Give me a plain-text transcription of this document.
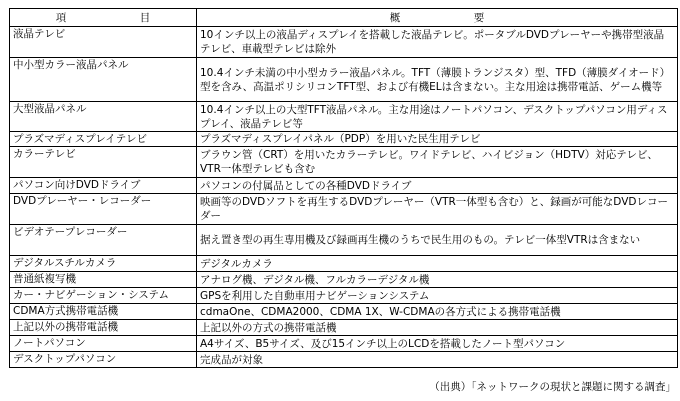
項　目	概　要
液晶テレビ	10インチ以上の液晶ディスプレイを搭載した液晶テレビ。ポータブルDVDプレーヤーや携帯型液晶テレビ、車載型テレビは除外
中小型カラー液晶パネル	10.4インチ未満の中小型カラー液晶パネル。TFT（薄膜トランジスタ）型、TFD（薄膜ダイオード）型を含み、高温ポリシリコンTFT型、および有機ELは含まない。主な用途は携帯電話、ゲーム機等
大型液晶パネル	10.4インチ以上の大型TFT液晶パネル。主な用途はノートパソコン、デスクトップパソコン用ディスプレイ、液晶テレビ等
プラズマディスプレイテレビ	プラズマディスプレイパネル（PDP）を用いた民生用テレビ
カラーテレビ	ブラウン管（CRT）を用いたカラーテレビ。ワイドテレビ、ハイビジョン（HDTV）対応テレビ、VTR一体型テレビも含む
パソコン向けDVDドライブ	パソコンの付属品としての各種DVDドライブ
DVDプレーヤー・レコーダー	映画等のDVDソフトを再生するDVDプレーヤー（VTR一体型も含む）と、録画が可能なDVDレコーダー
ビデオテープレコーダー	据え置き型の再生専用機及び録画再生機のうちで民生用のもの。テレビ一体型VTRは含まない
デジタルスチルカメラ	デジタルカメラ
普通紙複写機	アナログ機、デジタル機、フルカラーデジタル機
カー・ナビゲーション・システム	GPSを利用した自動車用ナビゲーションシステム
CDMA方式携帯電話機	cdmaOne、CDMA2000、CDMA 1X、W-CDMAの各方式による携帯電話機
上記以外の携帯電話機	上記以外の方式の携帯電話機
ノートパソコン	A4サイズ、B5サイズ、及び15インチ以上のLCDを搭載したノート型パソコン
デスクトップパソコン	完成品が対象
（出典）「ネットワークの現状と課題に関する調査」
